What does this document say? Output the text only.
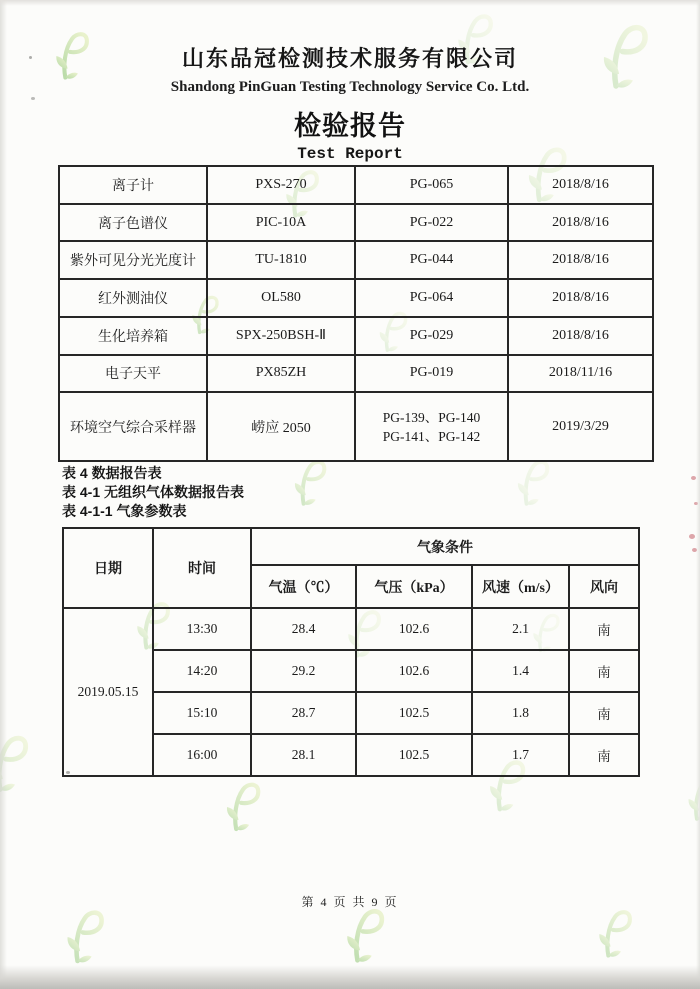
山东品冠检测技术服务有限公司
Shandong PinGuan Testing Technology Service Co. Ltd.
检验报告
Test Report
离子计	PXS-270	PG-065	2018/8/16
离子色谱仪	PIC-10A	PG-022	2018/8/16
紫外可见分光光度计	TU-1810	PG-044	2018/8/16
红外测油仪	OL580	PG-064	2018/8/16
生化培养箱	SPX-250BSH-Ⅱ	PG-029	2018/8/16
电子天平	PX85ZH	PG-019	2018/11/16
环境空气综合采样器	崂应 2050	PG-139、PG-140
PG-141、PG-142	2019/3/29
表 4 数据报告表
表 4-1 无组织气体数据报告表
表 4-1-1 气象参数表
日期	时间	气象条件			
		气温（℃）	气压（kPa）	风速（m/s）	风向
2019.05.15	13:30	28.4	102.6	2.1	南
	14:20	29.2	102.6	1.4	南
	15:10	28.7	102.5	1.8	南
	16:00	28.1	102.5	1.7	南
第 4 页 共 9 页
